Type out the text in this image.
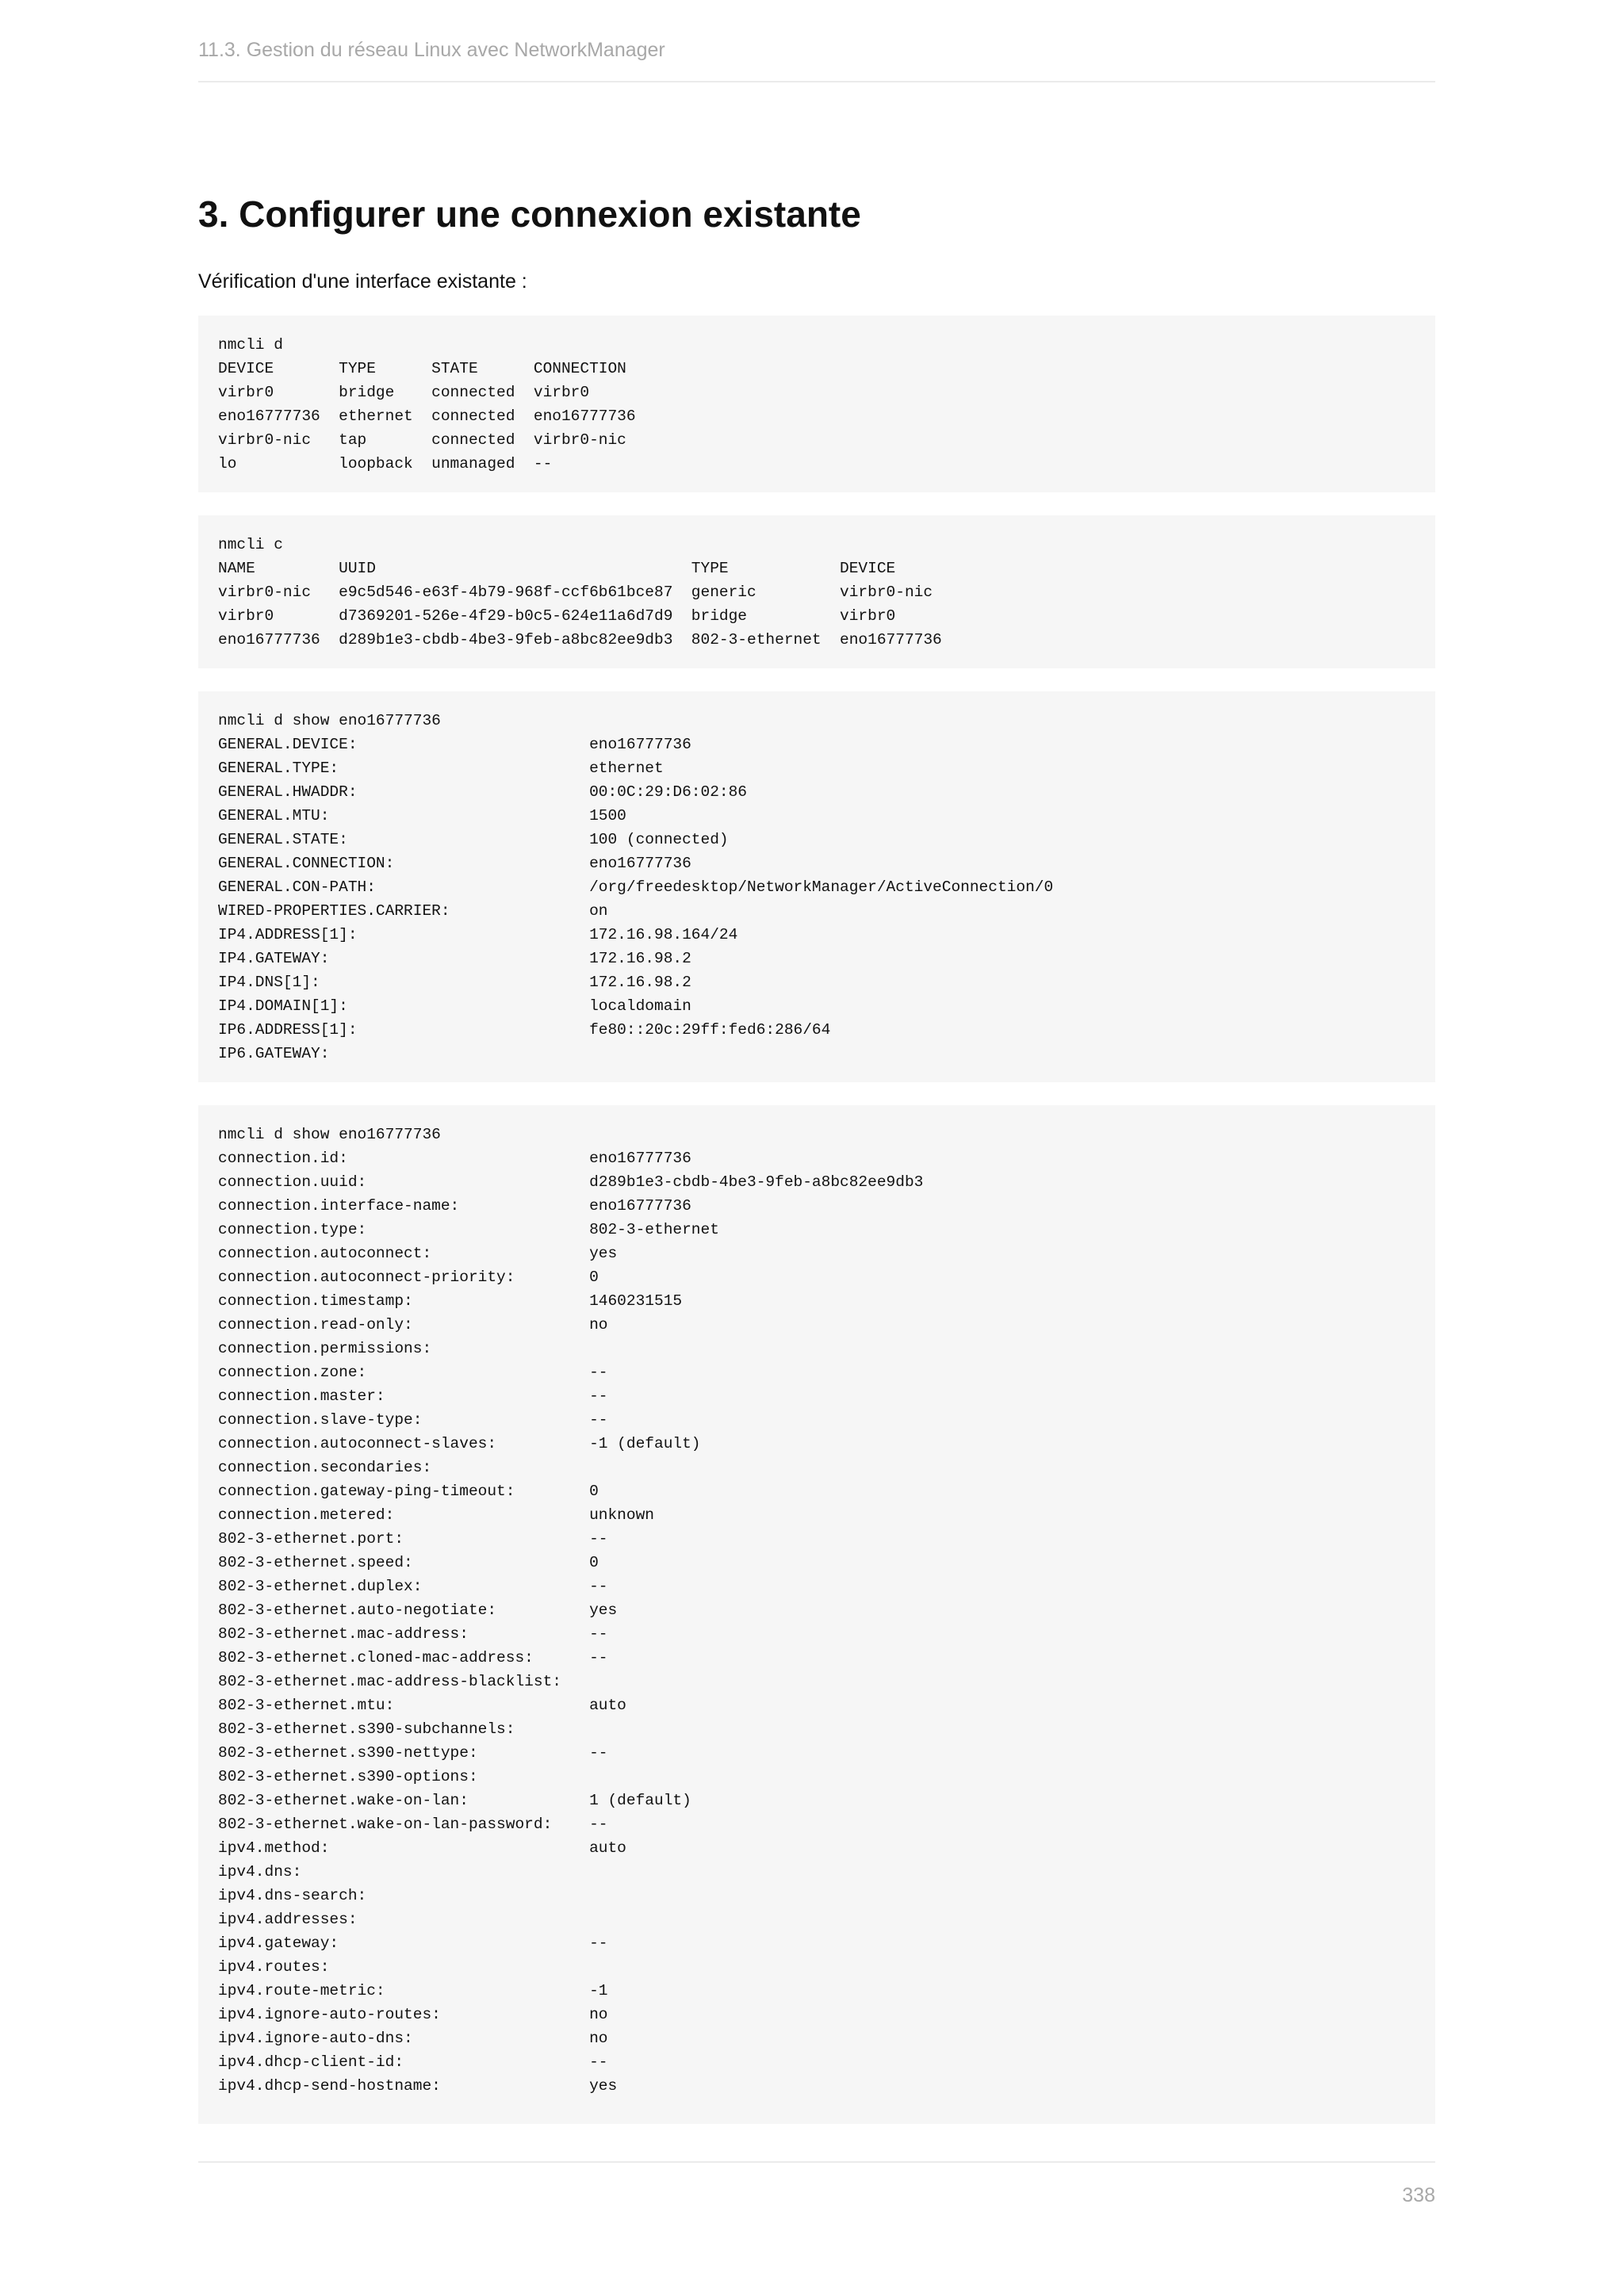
11.3. Gestion du réseau Linux avec NetworkManager
3. Configurer une connexion existante

Vérification d'une interface existante :

nmcli d
DEVICE       TYPE      STATE      CONNECTION
virbr0       bridge    connected  virbr0
eno16777736  ethernet  connected  eno16777736
virbr0-nic   tap       connected  virbr0-nic
lo           loopback  unmanaged  --
nmcli c
NAME         UUID                                  TYPE            DEVICE
virbr0-nic   e9c5d546-e63f-4b79-968f-ccf6b61bce87  generic         virbr0-nic
virbr0       d7369201-526e-4f29-b0c5-624e11a6d7d9  bridge          virbr0
eno16777736  d289b1e3-cbdb-4be3-9feb-a8bc82ee9db3  802-3-ethernet  eno16777736
nmcli d show eno16777736
GENERAL.DEVICE:                         eno16777736
GENERAL.TYPE:                           ethernet
GENERAL.HWADDR:                         00:0C:29:D6:02:86
GENERAL.MTU:                            1500
GENERAL.STATE:                          100 (connected)
GENERAL.CONNECTION:                     eno16777736
GENERAL.CON-PATH:                       /org/freedesktop/NetworkManager/ActiveConnection/0
WIRED-PROPERTIES.CARRIER:               on
IP4.ADDRESS[1]:                         172.16.98.164/24
IP4.GATEWAY:                            172.16.98.2
IP4.DNS[1]:                             172.16.98.2
IP4.DOMAIN[1]:                          localdomain
IP6.ADDRESS[1]:                         fe80::20c:29ff:fed6:286/64
IP6.GATEWAY:
nmcli d show eno16777736
connection.id:                          eno16777736
connection.uuid:                        d289b1e3-cbdb-4be3-9feb-a8bc82ee9db3
connection.interface-name:              eno16777736
connection.type:                        802-3-ethernet
connection.autoconnect:                 yes
connection.autoconnect-priority:        0
connection.timestamp:                   1460231515
connection.read-only:                   no
connection.permissions:
connection.zone:                        --
connection.master:                      --
connection.slave-type:                  --
connection.autoconnect-slaves:          -1 (default)
connection.secondaries:
connection.gateway-ping-timeout:        0
connection.metered:                     unknown
802-3-ethernet.port:                    --
802-3-ethernet.speed:                   0
802-3-ethernet.duplex:                  --
802-3-ethernet.auto-negotiate:          yes
802-3-ethernet.mac-address:             --
802-3-ethernet.cloned-mac-address:      --
802-3-ethernet.mac-address-blacklist:
802-3-ethernet.mtu:                     auto
802-3-ethernet.s390-subchannels:
802-3-ethernet.s390-nettype:            --
802-3-ethernet.s390-options:
802-3-ethernet.wake-on-lan:             1 (default)
802-3-ethernet.wake-on-lan-password:    --
ipv4.method:                            auto
ipv4.dns:
ipv4.dns-search:
ipv4.addresses:
ipv4.gateway:                           --
ipv4.routes:
ipv4.route-metric:                      -1
ipv4.ignore-auto-routes:                no
ipv4.ignore-auto-dns:                   no
ipv4.dhcp-client-id:                    --
ipv4.dhcp-send-hostname:                yes
338
